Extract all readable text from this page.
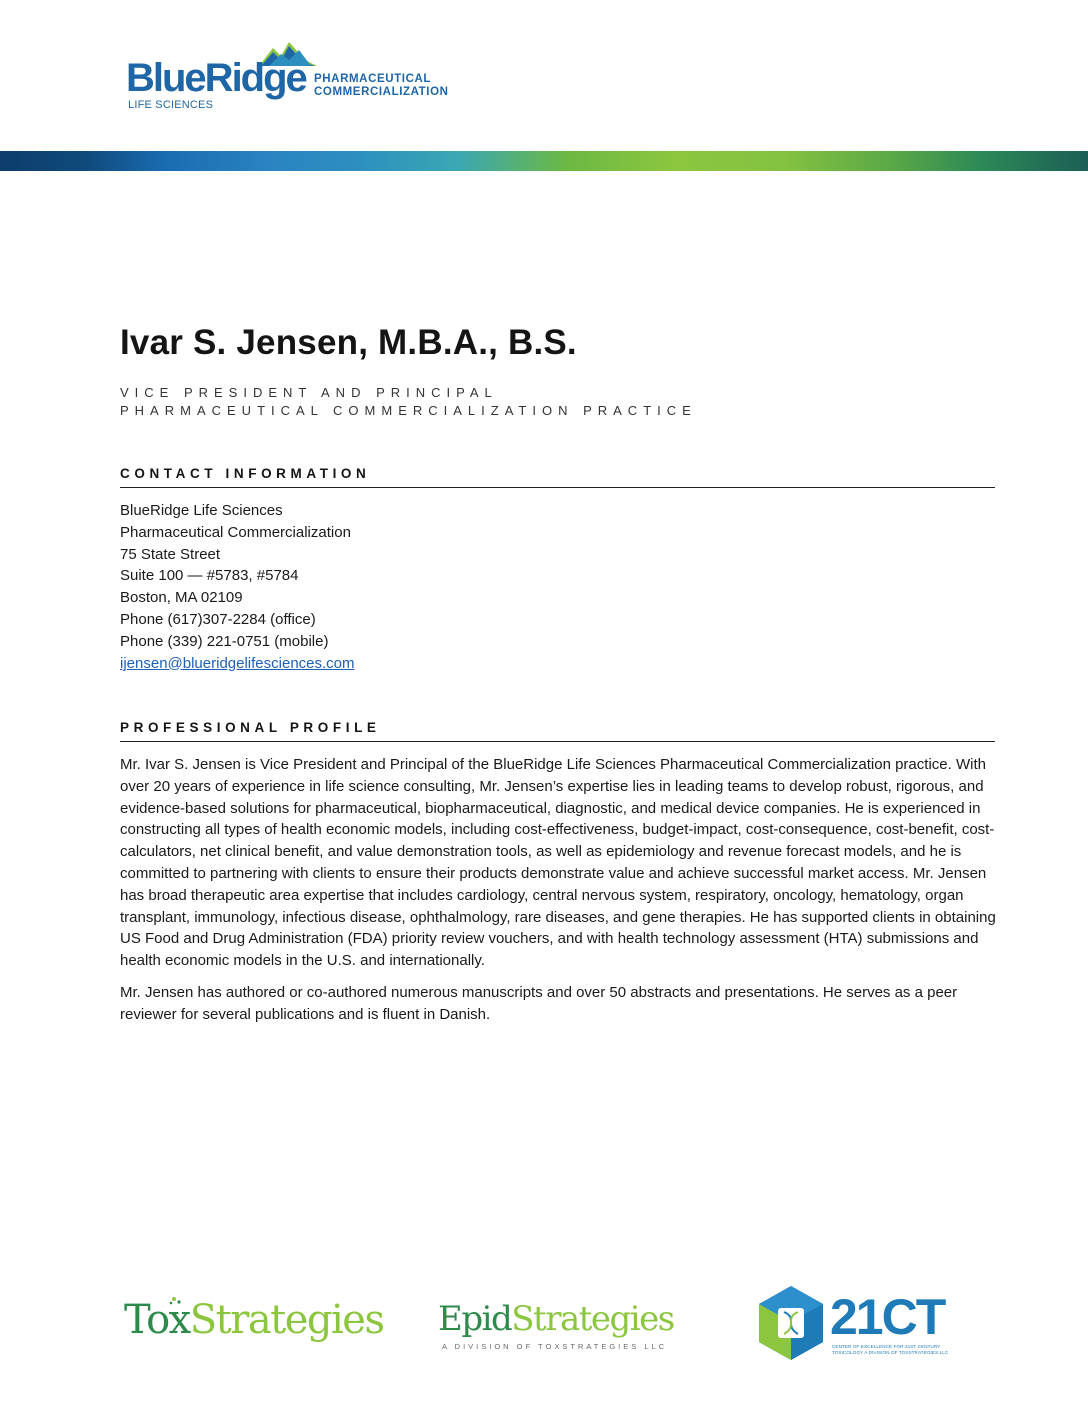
BlueRidge
LIFE SCIENCES
PHARMACEUTICAL COMMERCIALIZATION
Ivar S. Jensen, M.B.A., B.S.
VICE PRESIDENT AND PRINCIPAL
PHARMACEUTICAL COMMERCIALIZATION PRACTICE
CONTACT INFORMATION
BlueRidge Life Sciences
Pharmaceutical Commercialization
75 State Street
Suite 100 — #5783, #5784
Boston, MA 02109
Phone (617)307-2284 (office)
Phone (339) 221-0751 (mobile)
ijensen@blueridgelifesciences.com
PROFESSIONAL PROFILE

Mr. Ivar S. Jensen is Vice President and Principal of the BlueRidge Life Sciences Pharmaceutical Commercialization practice. With over 20 years of experience in life science consulting, Mr. Jensen’s expertise lies in leading teams to develop robust, rigorous, and evidence-based solutions for pharmaceutical, biopharmaceutical, diagnostic, and medical device companies. He is experienced in constructing all types of health economic models, including cost-effectiveness, budget-impact, cost-consequence, cost-benefit, cost-calculators, net clinical benefit, and value demonstration tools, as well as epidemiology and revenue forecast models, and he is committed to partnering with clients to ensure their products demonstrate value and achieve successful market access. Mr. Jensen has broad therapeutic area expertise that includes cardiology, central nervous system, respiratory, oncology, hematology, organ transplant, immunology, infectious disease, ophthalmology, rare diseases, and gene therapies. He has supported clients in obtaining US Food and Drug Administration (FDA) priority review vouchers, and with health technology assessment (HTA) submissions and health economic models in the U.S. and internationally.

Mr. Jensen has authored or co-authored numerous manuscripts and over 50 abstracts and presentations. He serves as a peer reviewer for several publications and is fluent in Danish.

ToxStrategies EpidStrategies
A DIVISION OF TOXSTRATEGIES LLC
21CT
CENTER OF EXCELLENCE FOR 21ST CENTURY TOXICOLOGY A DIVISION OF TOXSTRATEGIES LLC
